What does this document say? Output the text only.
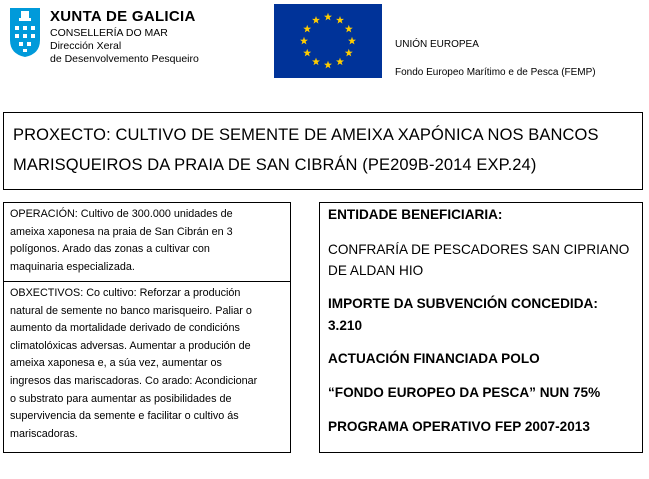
XUNTA DE GALICIA
CONSELLERÍA DO MAR
Dirección Xeral
de Desenvolvemento Pesqueiro
UNIÓN EUROPEA
Fondo Europeo Marítimo e de Pesca (FEMP)
PROXECTO: CULTIVO DE SEMENTE DE AMEIXA XAPÓNICA NOS BANCOS
MARISQUEIROS DA PRAIA DE SAN CIBRÁN (PE209B-2014 EXP.24)
OPERACIÓN: Cultivo de 300.000 unidades de
ameixa xaponesa na praia de San Cibrán en 3
polígonos. Arado das zonas a cultivar con
maquinaria especializada.
OBXECTIVOS: Co cultivo: Reforzar a produción
natural de semente no banco marisqueiro. Paliar o
aumento da mortalidade derivado de condicións
climatolóxicas adversas. Aumentar a produción de
ameixa xaponesa e, a súa vez, aumentar os
ingresos das mariscadoras. Co arado: Acondicionar
o substrato para aumentar as posibilidades de
supervivencia da semente e facilitar o cultivo ás
mariscadoras.
ENTIDADE BENEFICIARIA:
CONFRARÍA DE PESCADORES SAN CIPRIANO
DE ALDAN HIO
IMPORTE DA SUBVENCIÓN CONCEDIDA:
3.210
ACTUACIÓN FINANCIADA POLO
“FONDO EUROPEO DA PESCA” NUN 75%
PROGRAMA OPERATIVO FEP 2007-2013
